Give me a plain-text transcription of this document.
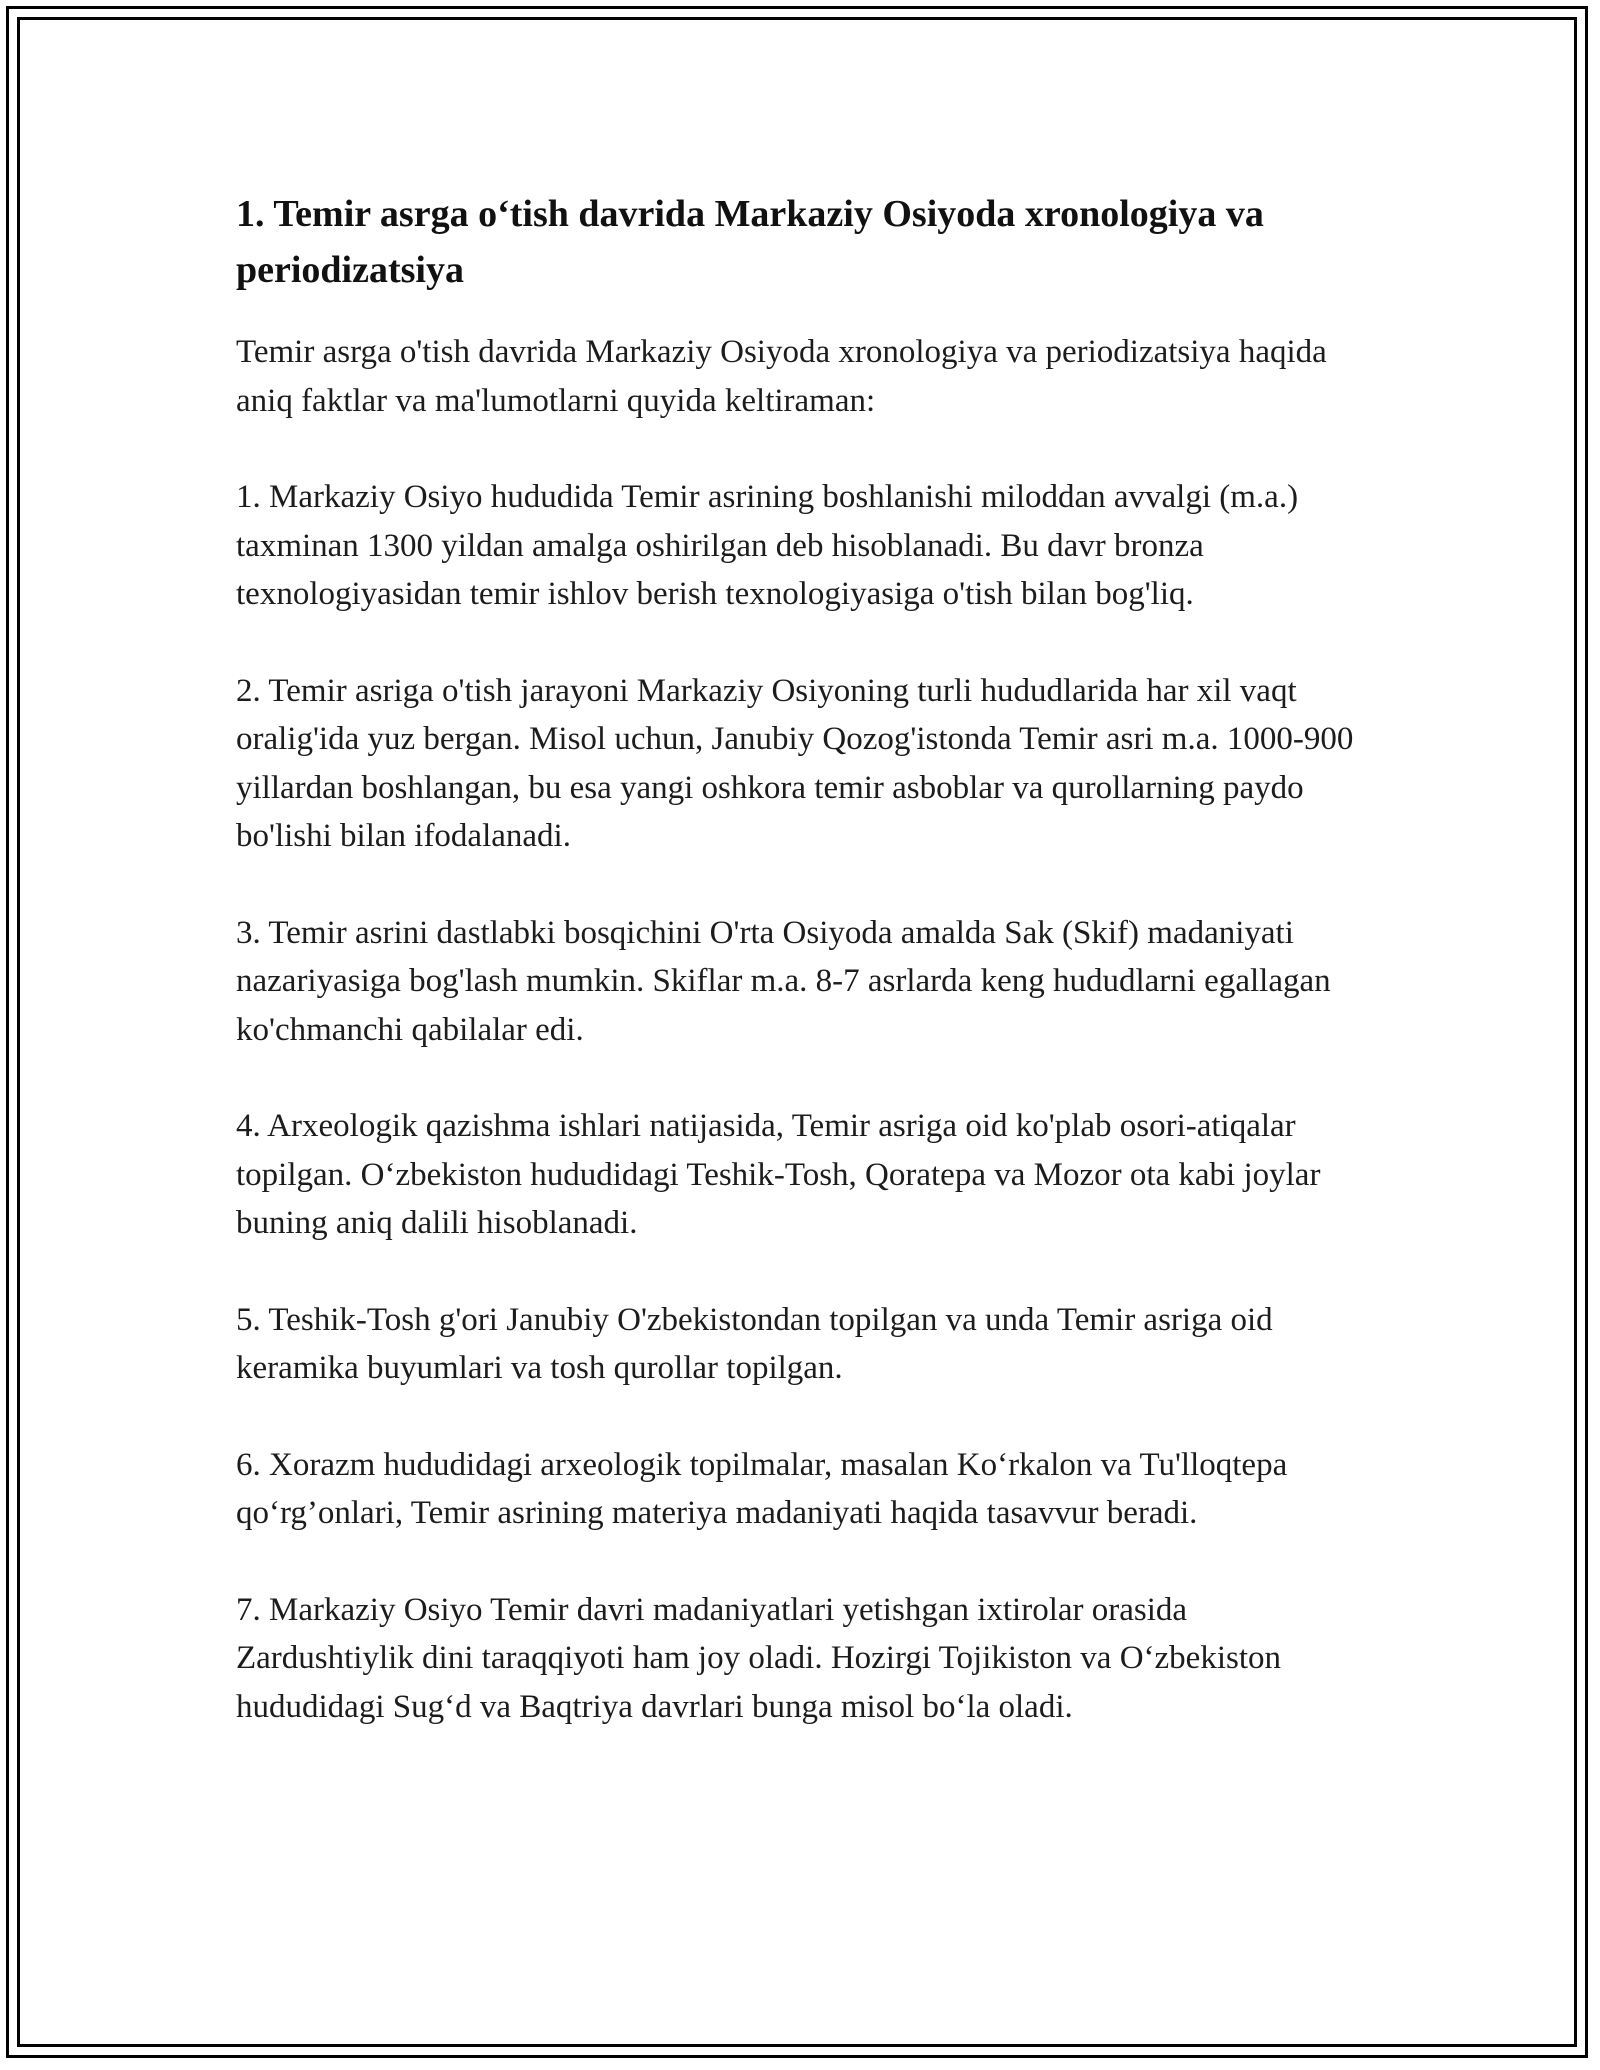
1. Temir asrga o‘tish davrida Markaziy Osiyoda xronologiya va periodizatsiya

Temir asrga o'tish davrida Markaziy Osiyoda xronologiya va periodizatsiya haqida aniq faktlar va ma'lumotlarni quyida keltiraman:

1. Markaziy Osiyo hududida Temir asrining boshlanishi miloddan avvalgi (m.a.) taxminan 1300 yildan amalga oshirilgan deb hisoblanadi. Bu davr bronza texnologiyasidan temir ishlov berish texnologiyasiga o'tish bilan bog'liq.

2. Temir asriga o'tish jarayoni Markaziy Osiyoning turli hududlarida har xil vaqt oralig'ida yuz bergan. Misol uchun, Janubiy Qozog'istonda Temir asri m.a. 1000-900 yillardan boshlangan, bu esa yangi oshkora temir asboblar va qurollarning paydo bo'lishi bilan ifodalanadi.

3. Temir asrini dastlabki bosqichini O'rta Osiyoda amalda Sak (Skif) madaniyati nazariyasiga bog'lash mumkin. Skiflar m.a. 8-7 asrlarda keng hududlarni egallagan ko'chmanchi qabilalar edi.

4. Arxeologik qazishma ishlari natijasida, Temir asriga oid ko'plab osori-atiqalar topilgan. O‘zbekiston hududidagi Teshik-Tosh, Qoratepa va Mozor ota kabi joylar buning aniq dalili hisoblanadi.

5. Teshik-Tosh g'ori Janubiy O'zbekistondan topilgan va unda Temir asriga oid keramika buyumlari va tosh qurollar topilgan.

6. Xorazm hududidagi arxeologik topilmalar, masalan Ko‘rkalon va Tu'lloqtepa qo‘rg’onlari, Temir asrining materiya madaniyati haqida tasavvur beradi.

7. Markaziy Osiyo Temir davri madaniyatlari yetishgan ixtirolar orasida Zardushtiylik dini taraqqiyoti ham joy oladi. Hozirgi Tojikiston va O‘zbekiston hududidagi Sug‘d va Baqtriya davrlari bunga misol bo‘la oladi.
